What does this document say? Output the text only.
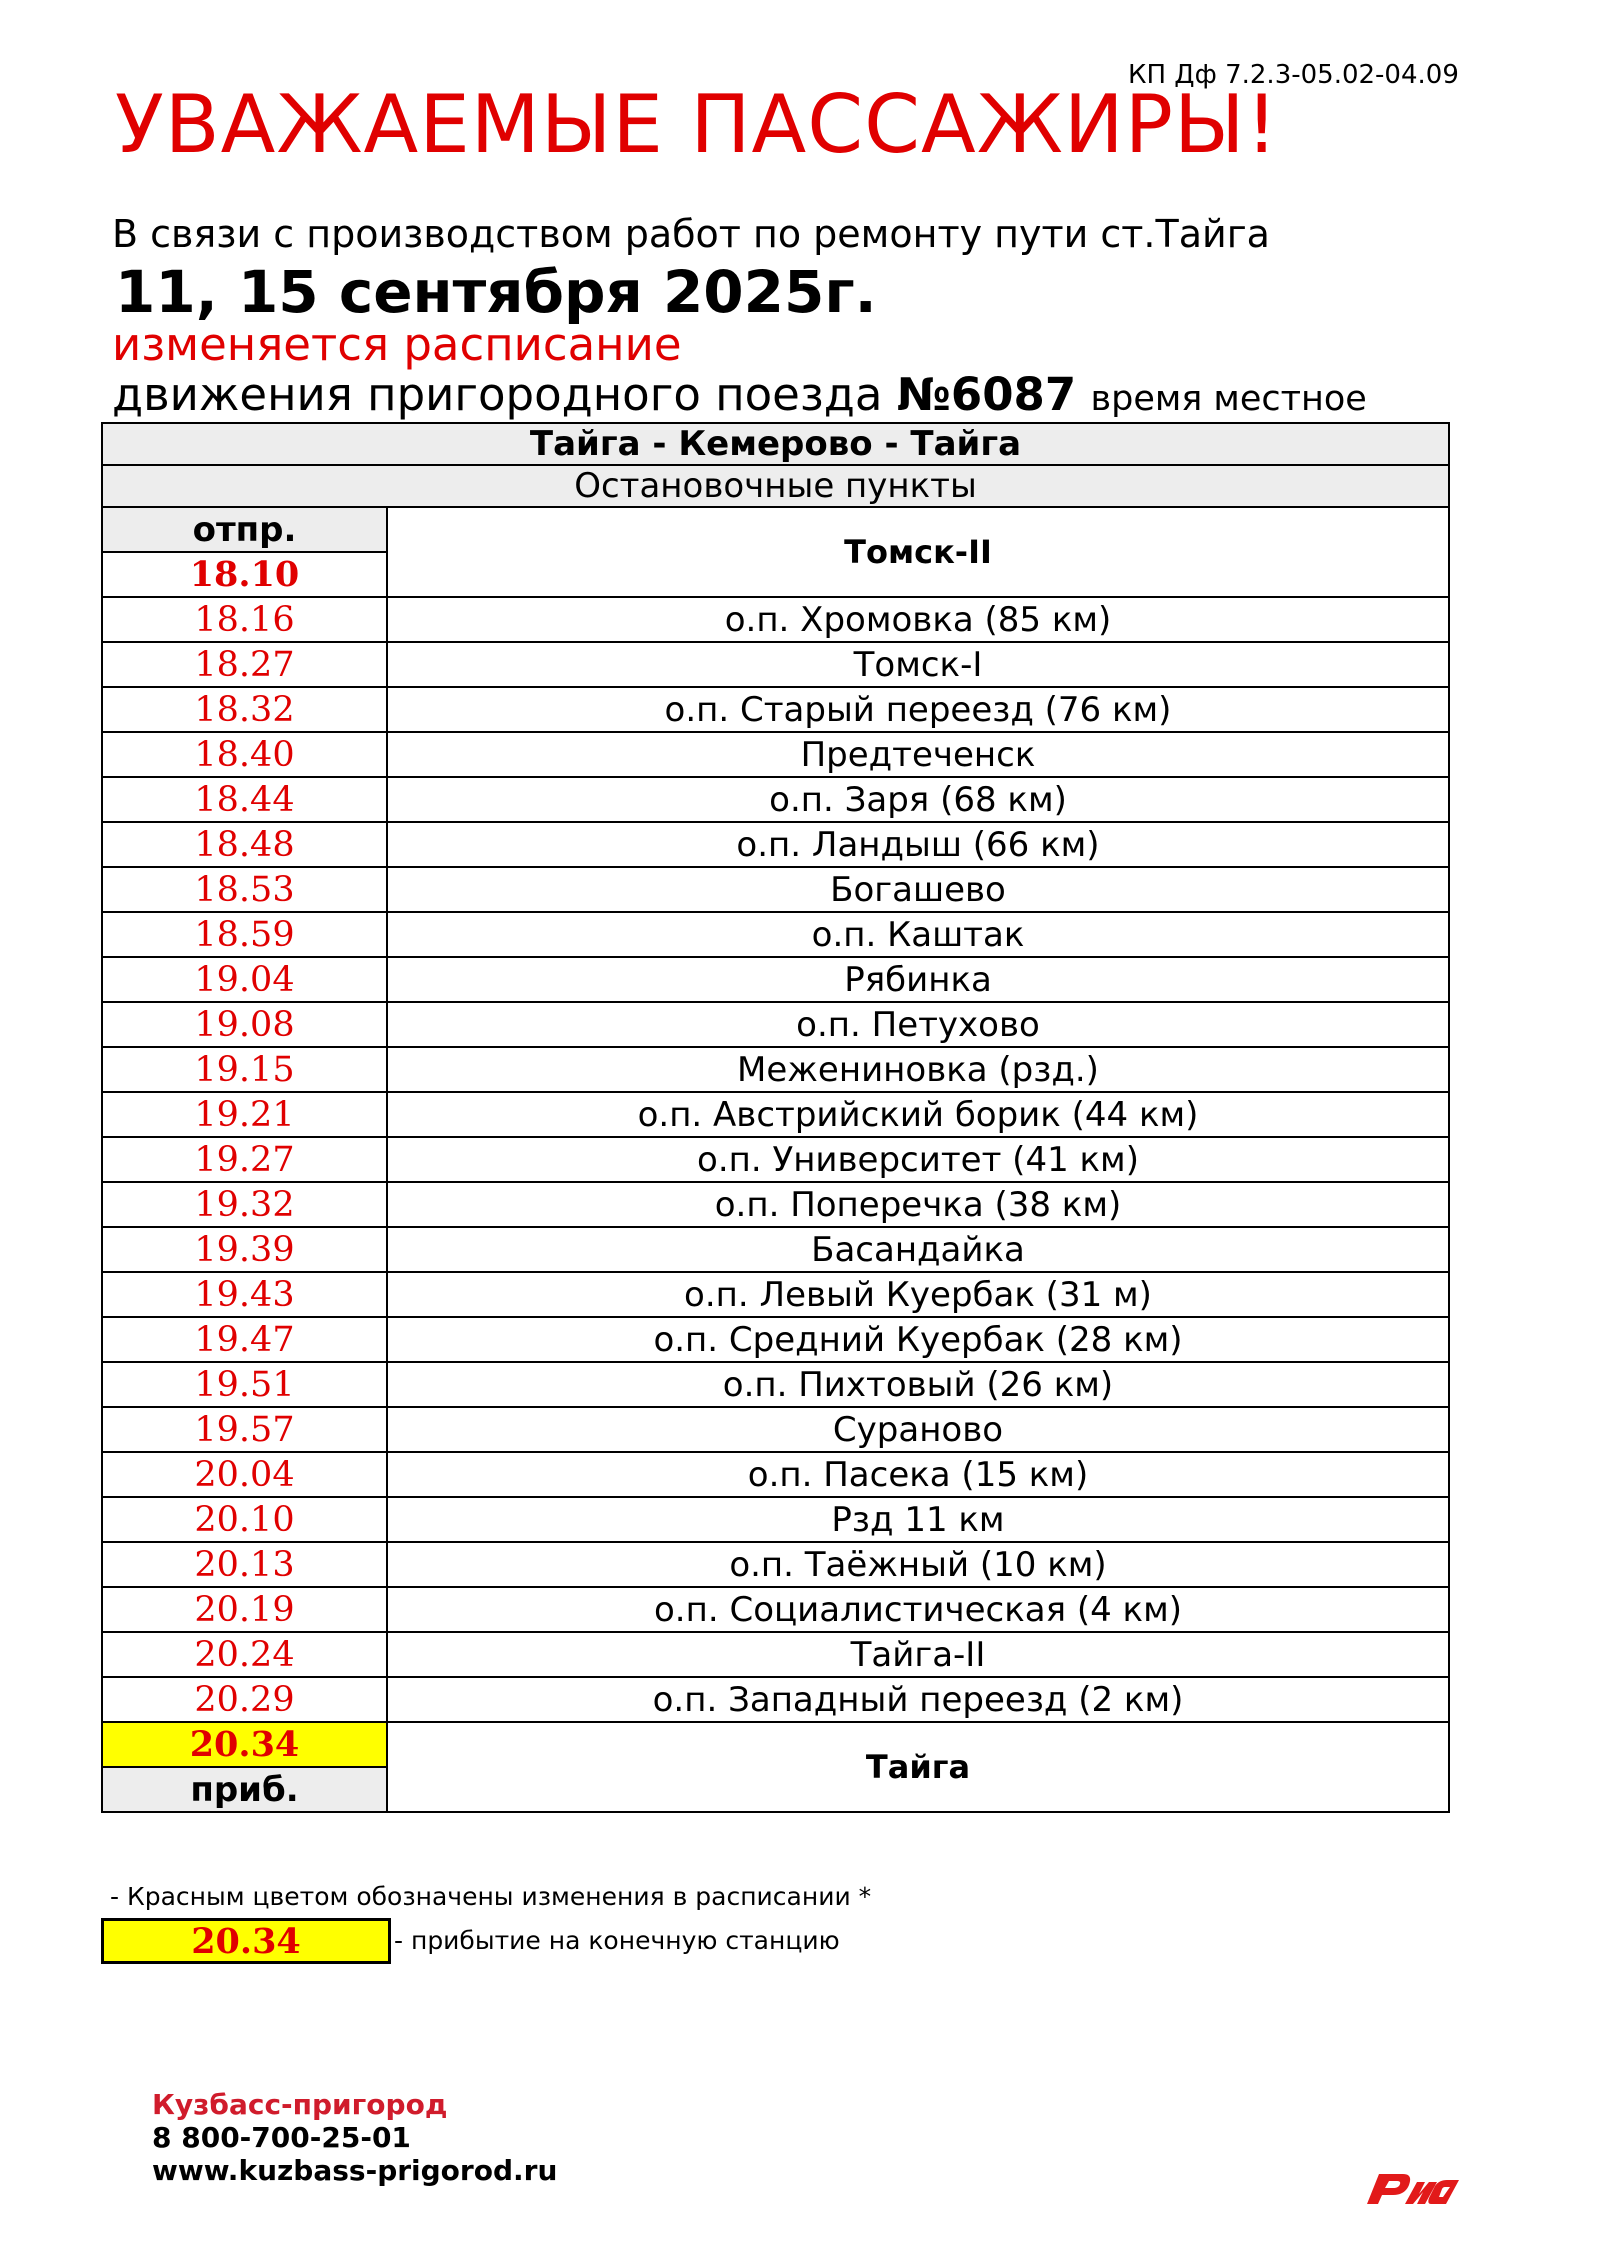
КП Дф 7.2.3-05.02-04.09
УВАЖАЕМЫЕ ПАССАЖИРЫ!
В связи с производством работ по ремонту пути ст.Тайга
11, 15 сентября 2025г.
изменяется расписание
движения пригородного поезда №6087 время местное
Тайга - Кемерово - Тайга	
Остановочные пункты	
отпр.	Томск-II
18.10	
18.16	о.п. Хромовка (85 км)
18.27	Томск-I
18.32	о.п. Старый переезд (76 км)
18.40	Предтеченск
18.44	о.п. Заря (68 км)
18.48	о.п. Ландыш (66 км)
18.53	Богашево
18.59	о.п. Каштак
19.04	Рябинка
19.08	о.п. Петухово
19.15	Межениновка (рзд.)
19.21	о.п. Австрийский борик (44 км)
19.27	о.п. Университет (41 км)
19.32	о.п. Поперечка (38 км)
19.39	Басандайка
19.43	о.п. Левый Куербак (31 м)
19.47	о.п. Средний Куербак (28 км)
19.51	о.п. Пихтовый (26 км)
19.57	Сураново
20.04	о.п. Пасека (15 км)
20.10	Рзд 11 км
20.13	о.п. Таёжный (10 км)
20.19	о.п. Социалистическая (4 км)
20.24	Тайга-II
20.29	о.п. Западный переезд (2 км)
20.34	Тайга
приб.	
- Красным цветом обозначены изменения в расписании *
20.34	- прибытие на конечную станцию
Кузбасс-пригород
8 800-700-25-01
www.kuzbass-prigorod.ru
